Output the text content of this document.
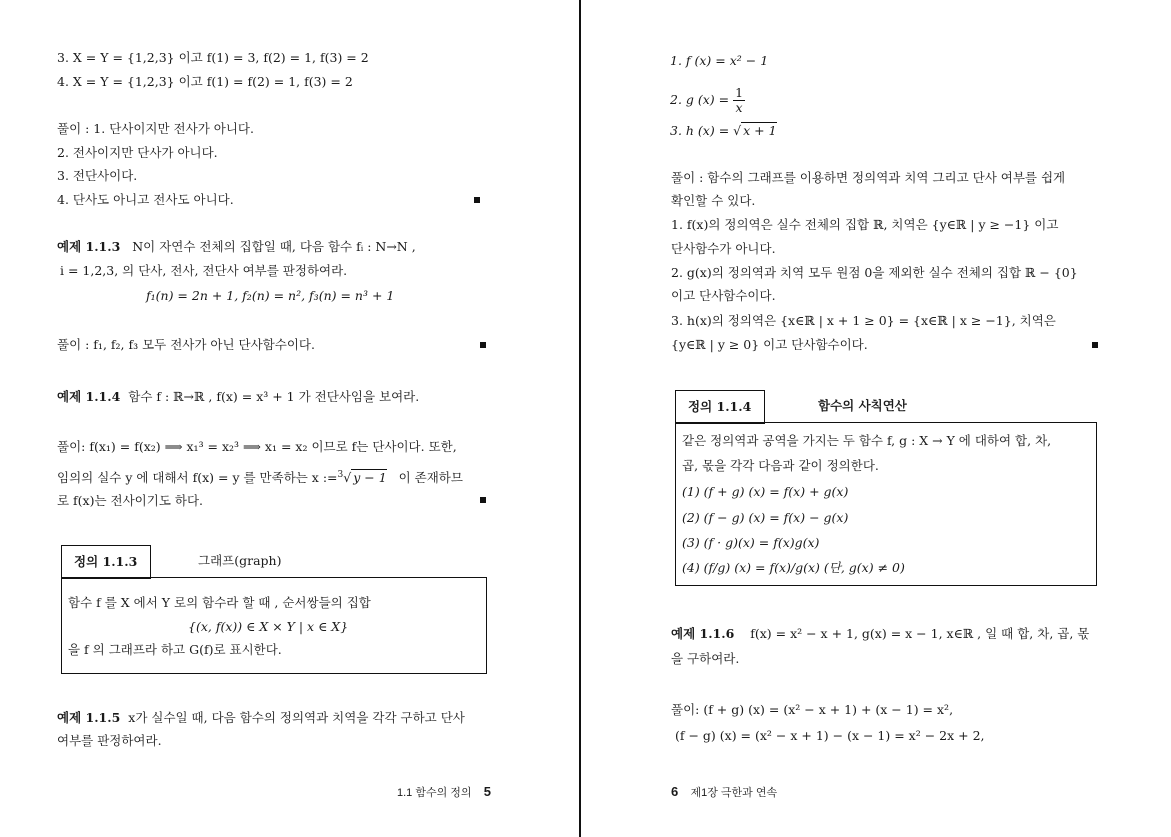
3. X = Y = {1,2,3} 이고 f(1) = 3, f(2) = 1, f(3) = 2
4. X = Y = {1,2,3} 이고 f(1) = f(2) = 1, f(3) = 2
풀이 : 1. 단사이지만 전사가 아니다.
2. 전사이지만 단사가 아니다.
3. 전단사이다.
4. 단사도 아니고 전사도 아니다.
예제 1.1.3 N이 자연수 전체의 집합일 때, 다음 함수 fᵢ : N→N ,
i = 1,2,3, 의 단사, 전사, 전단사 여부를 판정하여라.
f₁(n) = 2n + 1, f₂(n) = n², f₃(n) = n³ + 1
풀이 : f₁, f₂, f₃ 모두 전사가 아닌 단사함수이다.
예제 1.1.4 함수 f : ℝ→ℝ , f(x) = x³ + 1 가 전단사임을 보여라.
풀이: f(x₁) = f(x₂) ⟹ x₁³ = x₂³ ⟹ x₁ = x₂ 이므로 f는 단사이다. 또한,
임의의 실수 y 에 대해서 f(x) = y 를 만족하는 x :=$^3$√ y − 1 이 존재하므
로 f(x)는 전사이기도 하다.
정의 1.1.3	그래프(graph)
함수 f 를 X 에서 Y 로의 함수라 할 때 , 순서쌍들의 집합
{(x, f(x)) ∈ X × Y | x ∈ X}
을 f 의 그래프라 하고 G(f)로 표시한다.
예제 1.1.5 x가 실수일 때, 다음 함수의 정의역과 치역을 각각 구하고 단사
여부를 판정하여라.
1.1 함수의 정의 5
1. f (x) = x² − 1
2. g $(x) = \frac{1}{x}$
3. h (x) = √ x + 1
풀이 : 함수의 그래프를 이용하면 정의역과 치역 그리고 단사 여부를 쉽게
확인할 수 있다.
1. f(x)의 정의역은 실수 전체의 집합 ℝ, 치역은 {y∈ℝ | y ≥ −1} 이고
단사함수가 아니다.
2. g(x)의 정의역과 치역 모두 원점 0을 제외한 실수 전체의 집합 ℝ − {0}
이고 단사함수이다.
3. h(x)의 정의역은 {x∈ℝ | x + 1 ≥ 0} = {x∈ℝ | x ≥ −1}, 치역은
{y∈ℝ | y ≥ 0} 이고 단사함수이다.
정의 1.1.4	함수의 사칙연산
같은 정의역과 공역을 가지는 두 함수 f, g : X → Y 에 대하여 합, 차,
곱, 몫을 각각 다음과 같이 정의한다.
(1) (f + g) (x) = f(x) + g(x)
(2) (f − g) (x) = f(x) − g(x)
(3) (f · g)(x) = f(x)g(x)
(4) (f/g) (x) = f(x)/g(x) (단, g(x) ≠ 0)
예제 1.1.6 f(x) = x² − x + 1, g(x) = x − 1, x∈ℝ , 일 때 합, 차, 곱, 몫
을 구하여라.
풀이: (f + g) (x) = (x² − x + 1) + (x − 1) = x²,
(f − g) (x) = (x² − x + 1) − (x − 1) = x² − 2x + 2,
6 제1장 극한과 연속
